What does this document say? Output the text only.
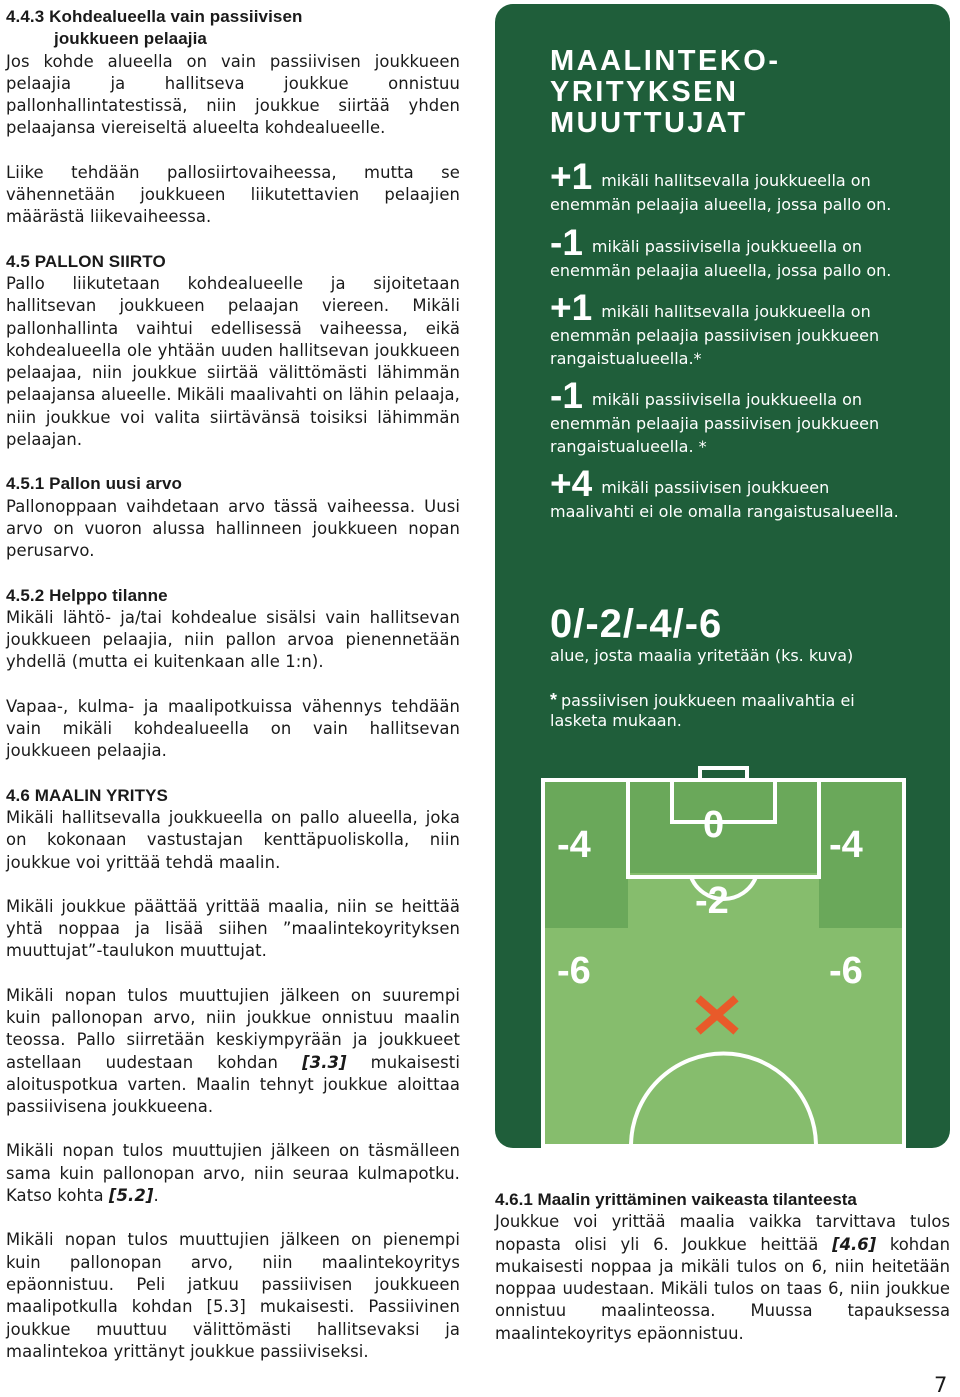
4.4.3 Kohdealueella vain passiivisen
joukkueen pelaajia

Jos kohde alueella on vain passiivisen joukkueen pelaajia ja hallitseva joukkue onnistuu pallonhallintatestissä, niin joukkue siirtää yhden pelaajansa viereiseltä alueelta kohdealueelle.

Liike tehdään pallosiirtovaiheessa, mutta se vähennetään joukkueen liikutettavien pelaajien määrästä liikevaiheessa.

4.5 PALLON SIIRTO

Pallo liikutetaan kohdealueelle ja sijoitetaan hallitsevan joukkueen pelaajan viereen. Mikäli pallonhallinta vaihtui edellisessä vaiheessa, eikä kohdealueella ole yhtään uuden hallitsevan joukkueen pelaajaa, niin joukkue siirtää välittömästi lähimmän pelaajansa alueelle. Mikäli maalivahti on lähin pelaaja, niin joukkue voi valita siirtävänsä toisiksi lähimmän pelaajan.

4.5.1 Pallon uusi arvo

Pallonoppaan vaihdetaan arvo tässä vaiheessa. Uusi arvo on vuoron alussa hallinneen joukkueen nopan perusarvo.

4.5.2 Helppo tilanne

Mikäli lähtö- ja/tai kohdealue sisälsi vain hallitsevan joukkueen pelaajia, niin pallon arvoa pienennetään yhdellä (mutta ei kuitenkaan alle 1:n).

Vapaa-, kulma- ja maalipotkuissa vähennys tehdään vain mikäli kohdealueella on vain hallitsevan joukkueen pelaajia.

4.6 MAALIN YRITYS

Mikäli hallitsevalla joukkueella on pallo alueella, joka on kokonaan vastustajan kenttäpuoliskolla, niin joukkue voi yrittää tehdä maalin.

Mikäli joukkue päättää yrittää maalia, niin se heittää yhtä noppaa ja lisää siihen ”maalintekoyrityksen muuttujat”-taulukon muuttujat.

Mikäli nopan tulos muuttujien jälkeen on suurempi kuin pallonopan arvo, niin joukkue onnistuu maalin teossa. Pallo siirretään keskiympyrään ja joukkueet astellaan uudestaan kohdan [3.3] mukaisesti aloituspotkua varten. Maalin tehnyt joukkue aloittaa passiivisena joukkueena.

Mikäli nopan tulos muuttujien jälkeen on täsmälleen sama kuin pallonopan arvo, niin seuraa kulmapotku. Katso kohta [5.2].

Mikäli nopan tulos muuttujien jälkeen on pienempi kuin pallonopan arvo, niin maalintekoyritys epäonnistuu. Peli jatkuu passiivisen joukkueen maalipotkulla kohdan [5.3] mukaisesti. Passiivinen joukkue muuttuu välittömästi hallitsevaksi ja maalintekoa yrittänyt joukkue passiiviseksi.

MAALINTEKO-
YRITYKSEN
MUUTTUJAT

+1 mikäli hallitsevalla joukkueella on enemmän pelaajia alueella, jossa pallo on.

-1 mikäli passiivisella joukkueella on enemmän pelaajia alueella, jossa pallo on.

+1 mikäli hallitsevalla joukkueella on enemmän pelaajia passiivisen joukkueen rangaistualueella.*

-1 mikäli passiivisella joukkueella on enemmän pelaajia passiivisen joukkueen rangaistualueella. *

+4 mikäli passiivisen joukkueen maalivahti ei ole omalla rangaistusalueella.

0/-2/-4/-6
alue, josta maalia yritetään (ks. kuva)
* passiivisen joukkueen maalivahtia ei lasketa mukaan.
0
-4	-4
-2
-6	-6
4.6.1 Maalin yrittäminen vaikeasta tilanteesta

Joukkue voi yrittää maalia vaikka tarvittava tulos nopasta olisi yli 6. Joukkue heittää [4.6] kohdan mukaisesti noppaa ja mikäli tulos on 6, niin heitetään noppaa uudestaan. Mikäli tulos on taas 6, niin joukkue onnistuu maalinteossa. Muussa tapauksessa maalintekoyritys epäonnistuu.

7
